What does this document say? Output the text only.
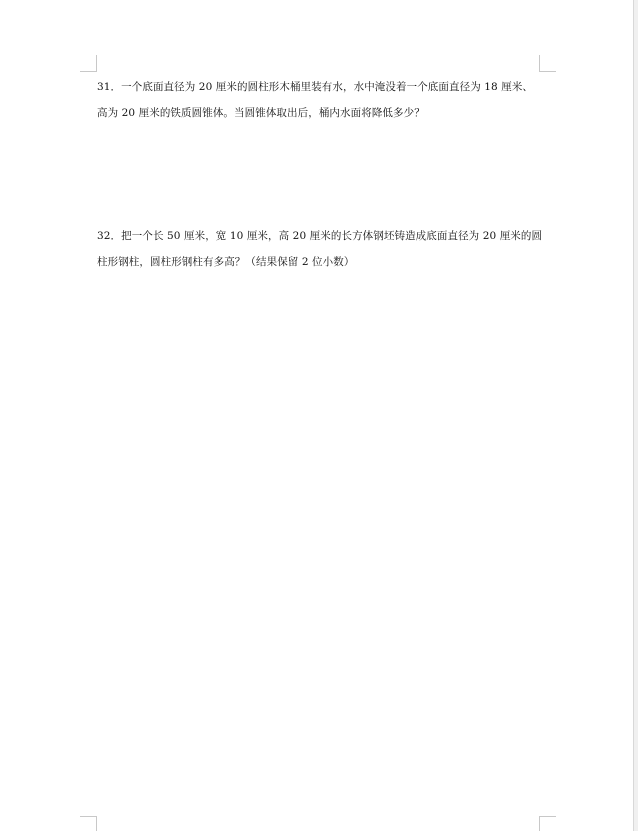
31．一个底面直径为 20 厘米的圆柱形木桶里装有水，水中淹没着一个底面直径为 18 厘米、
高为 20 厘米的铁质圆锥体。当圆锥体取出后，桶内水面将降低多少？
32．把一个长 50 厘米，宽 10 厘米，高 20 厘米的长方体钢坯铸造成底面直径为 20 厘米的圆
柱形钢柱，圆柱形钢柱有多高？（结果保留 2 位小数）
